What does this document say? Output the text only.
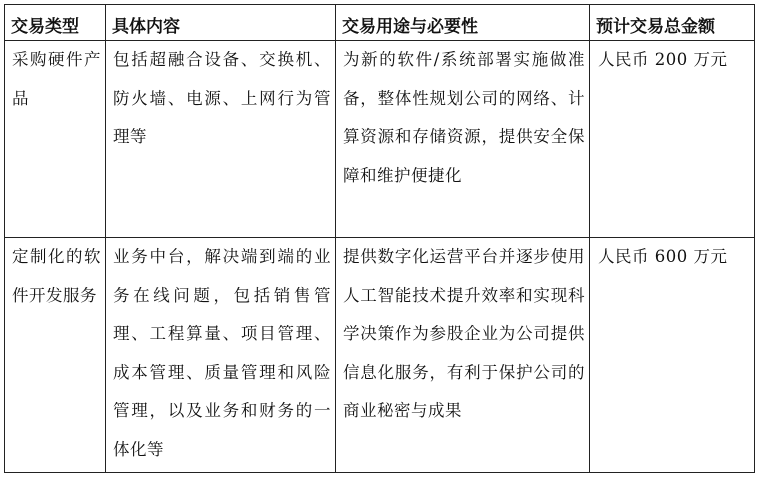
交易类型	具体内容	交易用途与必要性	预计交易总金额

采购硬件产品	包括超融合设备、交换机、防火墙、电源、上网行为管理等	为新的软件/系统部署实施做准备，整体性规划公司的网络、计算资源和存储资源，提供安全保障和维护便捷化	人民币 200 万元

定制化的软件开发服务	业务中台，解决端到端的业务在线问题，包括销售管理、工程算量、项目管理、成本管理、质量管理和风险管理，以及业务和财务的一体化等	提供数字化运营平台并逐步使用人工智能技术提升效率和实现科学决策作为参股企业为公司提供信息化服务，有利于保护公司的商业秘密与成果	人民币 600 万元
